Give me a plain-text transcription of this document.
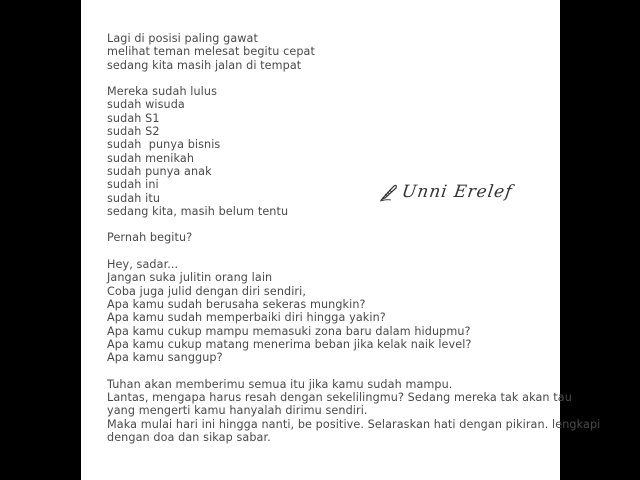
Lagi di posisi paling gawat
melihat teman melesat begitu cepat
sedang kita masih jalan di tempat
Mereka sudah lulus
sudah wisuda
sudah S1
sudah S2
sudah  punya bisnis
sudah menikah
sudah punya anak
sudah ini
sudah itu
sedang kita, masih belum tentu
Pernah begitu?
Hey, sadar...
Jangan suka julitin orang lain
Coba juga julid dengan diri sendiri,
Apa kamu sudah berusaha sekeras mungkin?
Apa kamu sudah memperbaiki diri hingga yakin?
Apa kamu cukup mampu memasuki zona baru dalam hidupmu?
Apa kamu cukup matang menerima beban jika kelak naik level?
Apa kamu sanggup?
Tuhan akan memberimu semua itu jika kamu sudah mampu.
Lantas, mengapa harus resah dengan sekelilingmu? Sedang mereka tak akan tau
yang mengerti kamu hanyalah dirimu sendiri.
Maka mulai hari ini hingga nanti, be positive. Selaraskan hati dengan pikiran. lengkapi
dengan doa dan sikap sabar.
Unni Erelef
